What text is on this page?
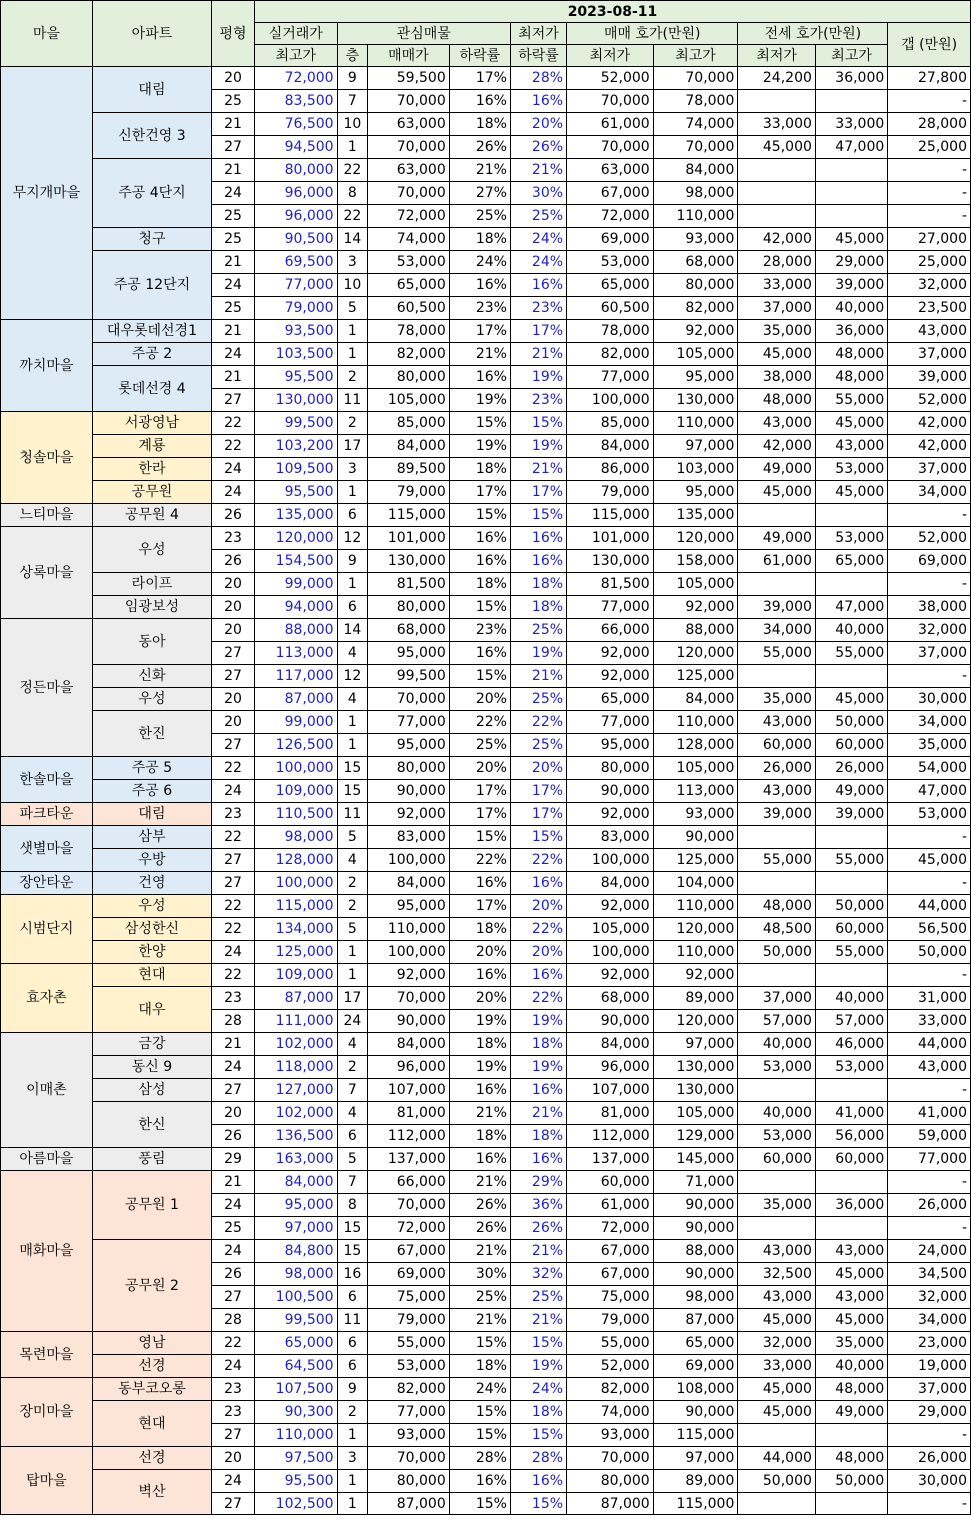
마을	아파트	평형	2023-08-11									
			실거래가	관심매물			최저가	매매 호가(만원)		전세 호가(만원)		갭 (만원)
			최고가	층	매매가	하락률	하락률	최저가	최고가	최저가	최고가	
무지개마을	대림	20	72,000	9	59,500	17%	28%	52,000	70,000	24,200	36,000	27,800
		25	83,500	7	70,000	16%	16%	70,000	78,000			-
	신한건영 3	21	76,500	10	63,000	18%	20%	61,000	74,000	33,000	33,000	28,000
		27	94,500	1	70,000	26%	26%	70,000	70,000	45,000	47,000	25,000
	주공 4단지	21	80,000	22	63,000	21%	21%	63,000	84,000			-
		24	96,000	8	70,000	27%	30%	67,000	98,000			-
		25	96,000	22	72,000	25%	25%	72,000	110,000			-
	청구	25	90,500	14	74,000	18%	24%	69,000	93,000	42,000	45,000	27,000
	주공 12단지	21	69,500	3	53,000	24%	24%	53,000	68,000	28,000	29,000	25,000
		24	77,000	10	65,000	16%	16%	65,000	80,000	33,000	39,000	32,000
		25	79,000	5	60,500	23%	23%	60,500	82,000	37,000	40,000	23,500
까치마을	대우롯데선경1	21	93,500	1	78,000	17%	17%	78,000	92,000	35,000	36,000	43,000
	주공 2	24	103,500	1	82,000	21%	21%	82,000	105,000	45,000	48,000	37,000
	롯데선경 4	21	95,500	2	80,000	16%	19%	77,000	95,000	38,000	48,000	39,000
		27	130,000	11	105,000	19%	23%	100,000	130,000	48,000	55,000	52,000
청솔마을	서광영남	22	99,500	2	85,000	15%	15%	85,000	110,000	43,000	45,000	42,000
	계룡	22	103,200	17	84,000	19%	19%	84,000	97,000	42,000	43,000	42,000
	한라	24	109,500	3	89,500	18%	21%	86,000	103,000	49,000	53,000	37,000
	공무원	24	95,500	1	79,000	17%	17%	79,000	95,000	45,000	45,000	34,000
느티마을	공무원 4	26	135,000	6	115,000	15%	15%	115,000	135,000			-
상록마을	우성	23	120,000	12	101,000	16%	16%	101,000	120,000	49,000	53,000	52,000
		26	154,500	9	130,000	16%	16%	130,000	158,000	61,000	65,000	69,000
	라이프	20	99,000	1	81,500	18%	18%	81,500	105,000			-
	임광보성	20	94,000	6	80,000	15%	18%	77,000	92,000	39,000	47,000	38,000
정든마을	동아	20	88,000	14	68,000	23%	25%	66,000	88,000	34,000	40,000	32,000
		27	113,000	4	95,000	16%	19%	92,000	120,000	55,000	55,000	37,000
	신화	27	117,000	12	99,500	15%	21%	92,000	125,000			-
	우성	20	87,000	4	70,000	20%	25%	65,000	84,000	35,000	45,000	30,000
	한진	20	99,000	1	77,000	22%	22%	77,000	110,000	43,000	50,000	34,000
		27	126,500	1	95,000	25%	25%	95,000	128,000	60,000	60,000	35,000
한솔마을	주공 5	22	100,000	15	80,000	20%	20%	80,000	105,000	26,000	26,000	54,000
	주공 6	24	109,000	15	90,000	17%	17%	90,000	113,000	43,000	49,000	47,000
파크타운	대림	23	110,500	11	92,000	17%	17%	92,000	93,000	39,000	39,000	53,000
샛별마을	삼부	22	98,000	5	83,000	15%	15%	83,000	90,000			-
	우방	27	128,000	4	100,000	22%	22%	100,000	125,000	55,000	55,000	45,000
장안타운	건영	27	100,000	2	84,000	16%	16%	84,000	104,000			-
시범단지	우성	22	115,000	2	95,000	17%	20%	92,000	110,000	48,000	50,000	44,000
	삼성한신	22	134,000	5	110,000	18%	22%	105,000	120,000	48,500	60,000	56,500
	한양	24	125,000	1	100,000	20%	20%	100,000	110,000	50,000	55,000	50,000
효자촌	현대	22	109,000	1	92,000	16%	16%	92,000	92,000			-
	대우	23	87,000	17	70,000	20%	22%	68,000	89,000	37,000	40,000	31,000
		28	111,000	24	90,000	19%	19%	90,000	120,000	57,000	57,000	33,000
이매촌	금강	21	102,000	4	84,000	18%	18%	84,000	97,000	40,000	46,000	44,000
	동신 9	24	118,000	2	96,000	19%	19%	96,000	130,000	53,000	53,000	43,000
	삼성	27	127,000	7	107,000	16%	16%	107,000	130,000			-
	한신	20	102,000	4	81,000	21%	21%	81,000	105,000	40,000	41,000	41,000
		26	136,500	6	112,000	18%	18%	112,000	129,000	53,000	56,000	59,000
아름마을	풍림	29	163,000	5	137,000	16%	16%	137,000	145,000	60,000	60,000	77,000
매화마을	공무원 1	21	84,000	7	66,000	21%	29%	60,000	71,000			-
		24	95,000	8	70,000	26%	36%	61,000	90,000	35,000	36,000	26,000
		25	97,000	15	72,000	26%	26%	72,000	90,000			-
	공무원 2	24	84,800	15	67,000	21%	21%	67,000	88,000	43,000	43,000	24,000
		26	98,000	16	69,000	30%	32%	67,000	90,000	32,500	45,000	34,500
		27	100,500	6	75,000	25%	25%	75,000	98,000	43,000	43,000	32,000
		28	99,500	11	79,000	21%	21%	79,000	87,000	45,000	45,000	34,000
목련마을	영남	22	65,000	6	55,000	15%	15%	55,000	65,000	32,000	35,000	23,000
	선경	24	64,500	6	53,000	18%	19%	52,000	69,000	33,000	40,000	19,000
장미마을	동부코오롱	23	107,500	9	82,000	24%	24%	82,000	108,000	45,000	48,000	37,000
	현대	23	90,300	2	77,000	15%	18%	74,000	90,000	45,000	49,000	29,000
		27	110,000	1	93,000	15%	15%	93,000	115,000			-
탑마을	선경	20	97,500	3	70,000	28%	28%	70,000	97,000	44,000	48,000	26,000
	벽산	24	95,500	1	80,000	16%	16%	80,000	89,000	50,000	50,000	30,000
		27	102,500	1	87,000	15%	15%	87,000	115,000			-
